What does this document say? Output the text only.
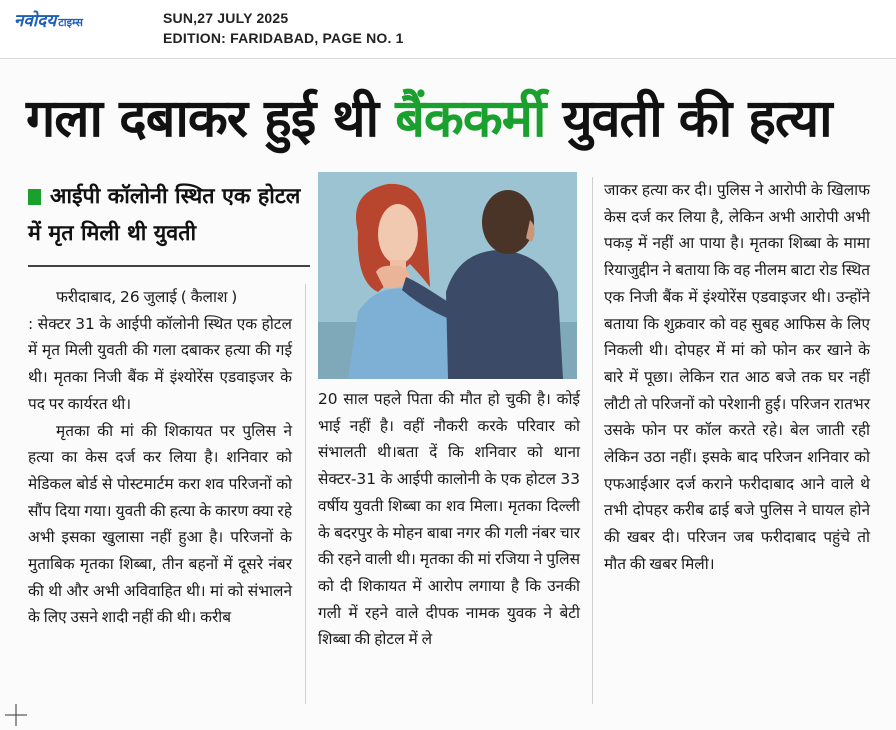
नवोदय टाइम्स	SUN,27 JULY 2025
EDITION: FARIDABAD, PAGE NO. 1
गला दबाकर हुई थी बैंककर्मी युवती की हत्या
आईपी कॉलोनी स्थित एक होटल में मृत मिली थी युवती

फरीदाबाद, 26 जुलाई ( कैलाश )

: सेक्टर 31 के आईपी कॉलोनी स्थित एक होटल में मृत मिली युवती की गला दबाकर हत्या की गई थी। मृतका निजी बैंक में इंश्योरेंस एडवाइजर के पद पर कार्यरत थी।

मृतका की मां की शिकायत पर पुलिस ने हत्या का केस दर्ज कर लिया है। शनिवार को मेडिकल बोर्ड से पोस्टमार्टम करा शव परिजनों को सौंप दिया गया। युवती की हत्या के कारण क्या रहे अभी इसका खुलासा नहीं हुआ है। परिजनों के मुताबिक मृतका शिब्बा, तीन बहनों में दूसरे नंबर की थी और अभी अविवाहित थी। मां को संभालने के लिए उसने शादी नहीं की थी। करीब

20 साल पहले पिता की मौत हो चुकी है। कोई भाई नहीं है। वहीं नौकरी करके परिवार को संभालती थी।बता दें कि शनिवार को थाना सेक्टर-31 के आईपी कालोनी के एक होटल 33 वर्षीय युवती शिब्बा का शव मिला। मृतका दिल्ली के बदरपुर के मोहन बाबा नगर की गली नंबर चार की रहने वाली थी। मृतका की मां रजिया ने पुलिस को दी शिकायत में आरोप लगाया है कि उनकी गली में रहने वाले दीपक नामक युवक ने बेटी शिब्बा की होटल में ले

जाकर हत्या कर दी। पुलिस ने आरोपी के खिलाफ केस दर्ज कर लिया है, लेकिन अभी आरोपी अभी पकड़ में नहीं आ पाया है। मृतका शिब्बा के मामा रियाजुद्दीन ने बताया कि वह नीलम बाटा रोड स्थित एक निजी बैंक में इंश्योरेंस एडवाइजर थी। उन्होंने बताया कि शुक्रवार को वह सुबह आफिस के लिए निकली थी। दोपहर में मां को फोन कर खाने के बारे में पूछा। लेकिन रात आठ बजे तक घर नहीं लौटी तो परिजनों को परेशानी हुई। परिजन रातभर उसके फोन पर कॉल करते रहे। बेल जाती रही लेकिन उठा नहीं। इसके बाद परिजन शनिवार को एफआईआर दर्ज कराने फरीदाबाद आने वाले थे तभी दोपहर करीब ढाई बजे पुलिस ने घायल होने की खबर दी। परिजन जब फरीदाबाद पहुंचे तो मौत की खबर मिली।
